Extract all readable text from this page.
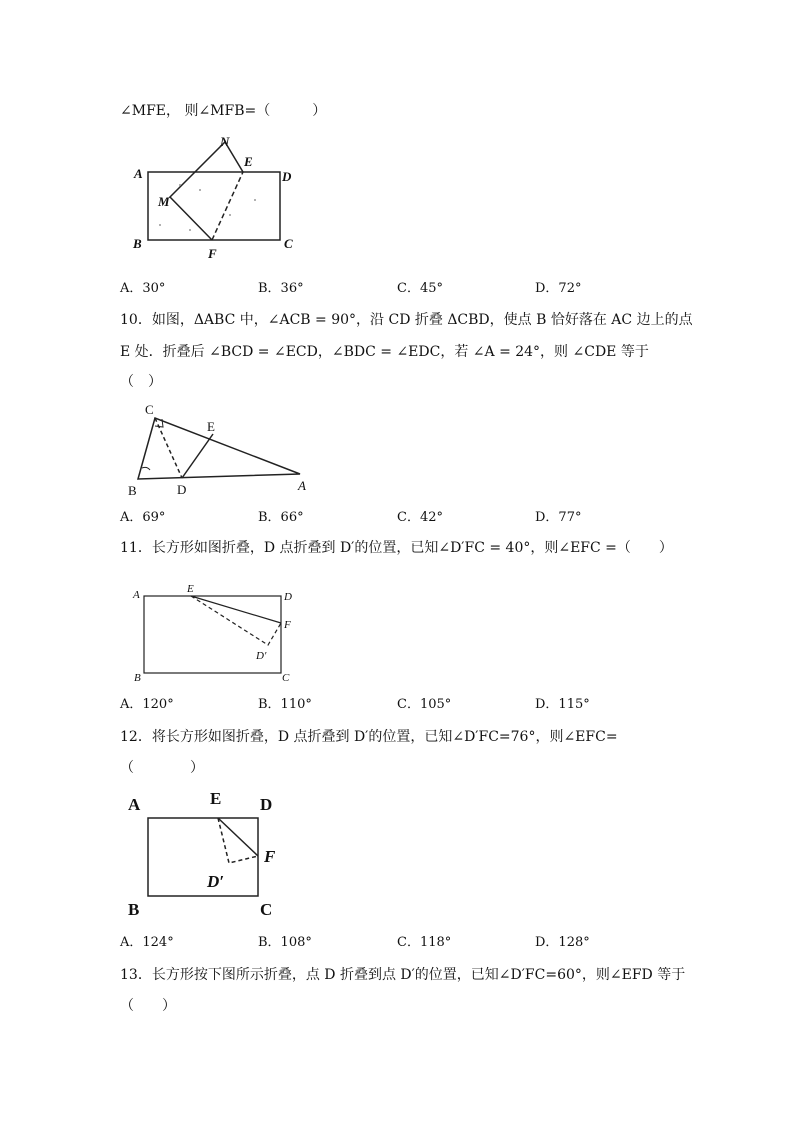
∠MFE， 则∠MFB=（　　　）
A	D
B	C
E
F
M
N
A．30°	B．36°	C．45°	D．72°
10．如图，ΔABC 中，∠ACB = 90°，沿 CD 折叠 ΔCBD，使点 B 恰好落在 AC 边上的点
E 处．折叠后 ∠BCD = ∠ECD，∠BDC = ∠EDC，若 ∠A = 24°，则 ∠CDE 等于
（　）
C
E
B	D	A
A．69°	B．66°	C．42°	D．77°
11．长方形如图折叠，D 点折叠到 D′的位置，已知∠D′FC = 40°，则∠EFC =（　　）
A	E
D
F
D′
B	C
A．120°	B．110°	C．105°	D．115°
12．将长方形如图折叠，D 点折叠到 D′的位置，已知∠D′FC=76°，则∠EFC=
（　　　　）
A	E D
F
D′
B	C
A．124°	B．108°	C．118°	D．128°
13．长方形按下图所示折叠，点 D 折叠到点 D′的位置，已知∠D′FC=60°，则∠EFD 等于
（　　）
